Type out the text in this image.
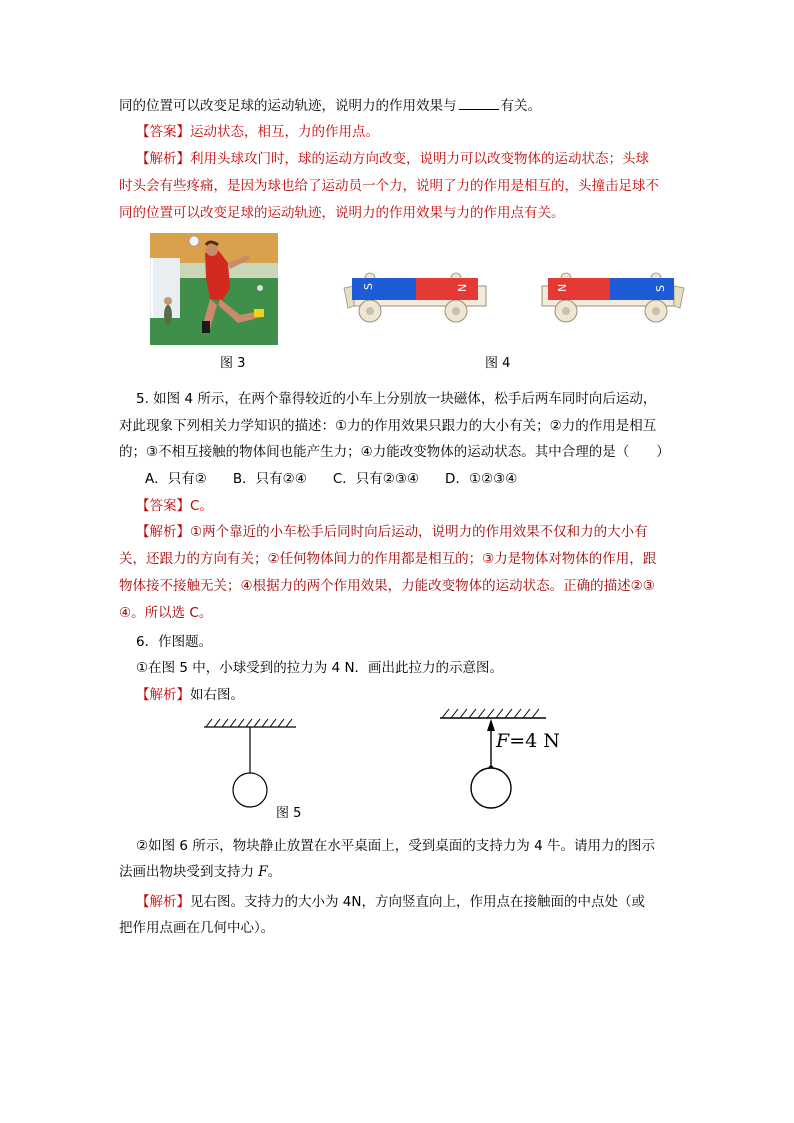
同的位置可以改变足球的运动轨迹，说明力的作用效果与	有关。
【答案】运动状态，相互，力的作用点。
【解析】利用头球攻门时，球的运动方向改变，说明力可以改变物体的运动状态；头球
时头会有些疼痛，是因为球也给了运动员一个力，说明了力的作用是相互的，头撞击足球不
同的位置可以改变足球的运动轨迹，说明力的作用效果与力的作用点有关。
图 3
S	N	N	S
图 4
5. 如图 4 所示，在两个靠得较近的小车上分别放一块磁体，松手后两车同时向后运动，
对此现象下列相关力学知识的描述：①力的作用效果只跟力的大小有关；②力的作用是相互
的；③不相互接触的物体间也能产生力；④力能改变物体的运动状态。其中合理的是（　　）
A．只有② B．只有②④ C．只有②③④ D．①②③④
【答案】C。
【解析】①两个靠近的小车松手后同时向后运动，说明力的作用效果不仅和力的大小有
关，还跟力的方向有关；②任何物体间力的作用都是相互的；③力是物体对物体的作用，跟
物体接不接触无关；④根据力的两个作用效果，力能改变物体的运动状态。正确的描述②③
④。所以选 C。
6．作图题。
①在图 5 中，小球受到的拉力为 4 N．画出此拉力的示意图。
【解析】如右图。
图 5
F=4 N
②如图 6 所示，物块静止放置在水平桌面上，受到桌面的支持力为 4 牛。请用力的图示
法画出物块受到支持力 F。
【解析】见右图。支持力的大小为 4N，方向竖直向上，作用点在接触面的中点处（或
把作用点画在几何中心）。
